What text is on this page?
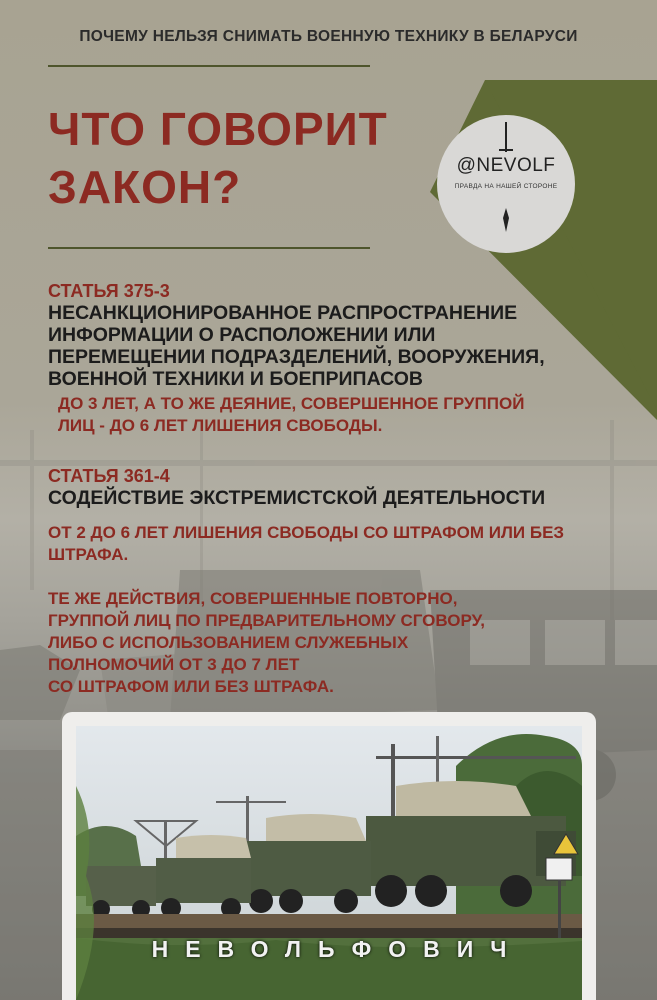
ПОЧЕМУ НЕЛЬЗЯ СНИМАТЬ ВОЕННУЮ ТЕХНИКУ В БЕЛАРУСИ
ЧТО ГОВОРИТ
ЗАКОН?	@NEVOLF
ПРАВДА НА НАШЕЙ СТОРОНЕ
СТАТЬЯ 375-3
НЕСАНКЦИОНИРОВАННОЕ РАСПРОСТРАНЕНИЕ
ИНФОРМАЦИИ О РАСПОЛОЖЕНИИ ИЛИ
ПЕРЕМЕЩЕНИИ ПОДРАЗДЕЛЕНИЙ, ВООРУЖЕНИЯ,
ВОЕННОЙ ТЕХНИКИ И БОЕПРИПАСОВ
ДО 3 ЛЕТ, А ТО ЖЕ ДЕЯНИЕ, СОВЕРШЕННОЕ ГРУППОЙ
ЛИЦ - ДО 6 ЛЕТ ЛИШЕНИЯ СВОБОДЫ.
СТАТЬЯ 361-4
СОДЕЙСТВИЕ ЭКСТРЕМИСТСКОЙ ДЕЯТЕЛЬНОСТИ
ОТ 2 ДО 6 ЛЕТ ЛИШЕНИЯ СВОБОДЫ СО ШТРАФОМ ИЛИ БЕЗ
ШТРАФА.
ТЕ ЖЕ ДЕЙСТВИЯ, СОВЕРШЕННЫЕ ПОВТОРНО,
ГРУППОЙ ЛИЦ ПО ПРЕДВАРИТЕЛЬНОМУ СГОВОРУ,
ЛИБО С ИСПОЛЬЗОВАНИЕМ СЛУЖЕБНЫХ
ПОЛНОМОЧИЙ ОТ 3 ДО 7 ЛЕТ
СО ШТРАФОМ ИЛИ БЕЗ ШТРАФА.
НЕВОЛЬФОВИЧ
